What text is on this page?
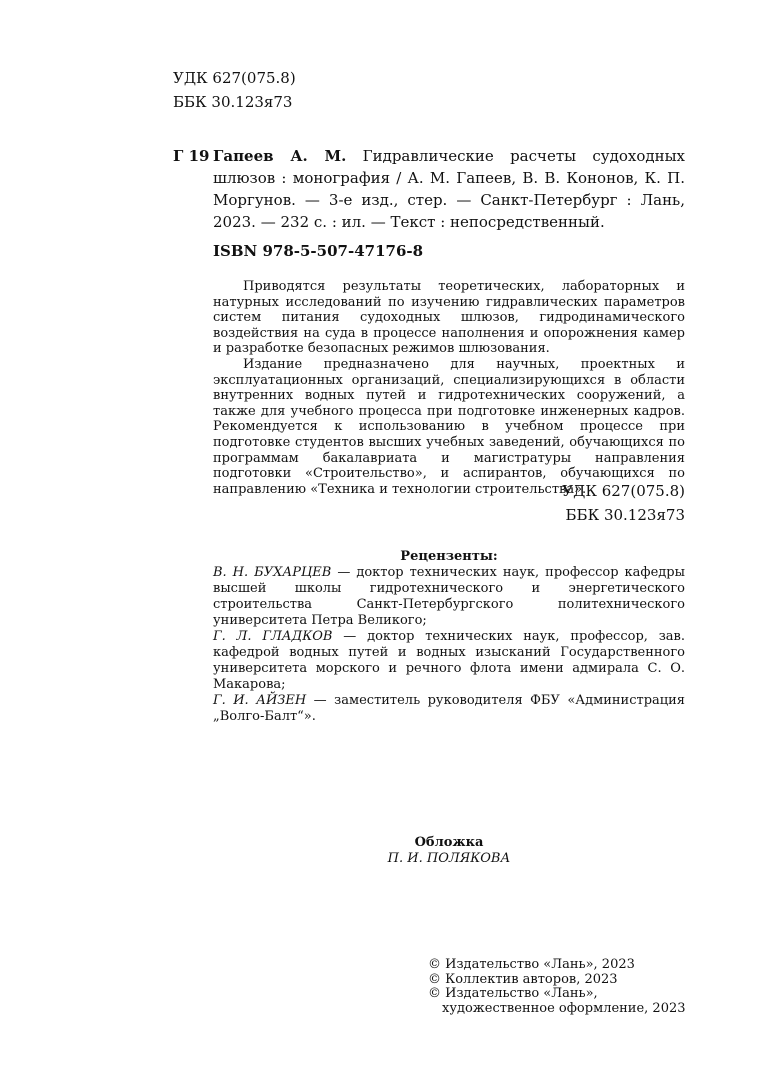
УДК 627(075.8)
ББК 30.123я73
Г 19 Гапеев А. М. Гидравлические расчеты судоходных шлюзов : монография / А. М. Гапеев, В. В. Кононов, К. П. Моргунов. — 3-е изд., стер. — Санкт-Петербург : Лань, 2023. — 232 с. : ил. — Текст : непосредственный.
ISBN 978-5-507-47176-8

Приводятся результаты теоретических, лабораторных и натурных исследований по изучению гидравлических параметров систем питания судоходных шлюзов, гидродинамического воздействия на суда в процессе наполнения и опорожнения камер и разработке безопасных режимов шлюзования.

Издание предназначено для научных, проектных и эксплуатационных организаций, специализирующихся в области внутренних водных путей и гидротехнических сооружений, а также для учебного процесса при подготовке инженерных кадров. Рекомендуется к использованию в учебном процессе при подготовке студентов высших учебных заведений, обучающихся по программам бакалавриата и магистратуры направления подготовки «Строительство», и аспирантов, обучающихся по направлению «Техника и технологии строительства».

УДК 627(075.8)
ББК 30.123я73
Рецензенты:
В. Н. БУХАРЦЕВ — доктор технических наук, профессор кафедры высшей школы гидротехнического и энергетического строительства Санкт-Петербургского политехнического университета Петра Великого;
Г. Л. ГЛАДКОВ — доктор технических наук, профессор, зав. кафедрой водных путей и водных изысканий Государственного университета морского и речного флота имени адмирала С. О. Макарова;
Г. И. АЙЗЕН — заместитель руководителя ФБУ «Администрация „Волго-Балт“».
Обложка
П. И. ПОЛЯКОВА
© Издательство «Лань», 2023
© Коллектив авторов, 2023
© Издательство «Лань»,
художественное оформление, 2023
